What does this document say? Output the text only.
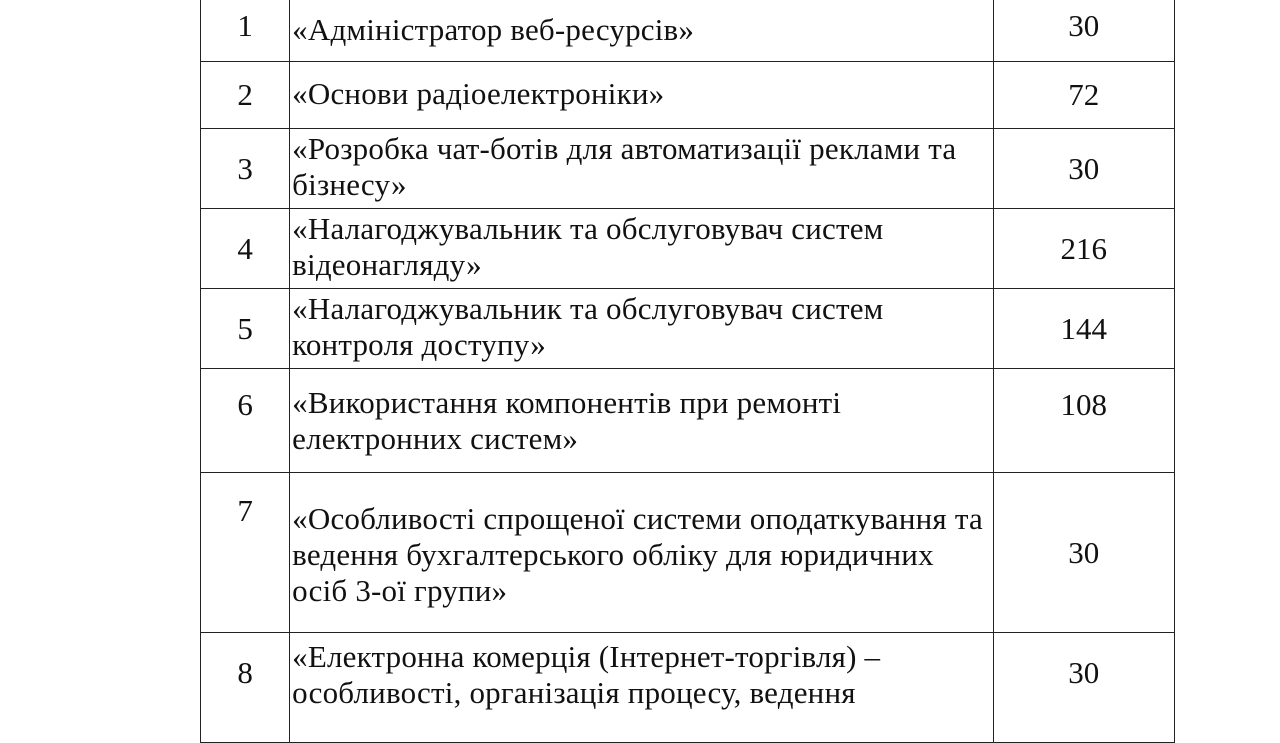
1	«Адміністратор веб-ресурсів»	30
2	«Основи радіоелектроніки»	72
3	«Розробка чат-ботів для автоматизації реклами та бізнесу»	30
4	«Налагоджувальник та обслуговувач систем відеонагляду»	216
5	«Налагоджувальник та обслуговувач систем контроля доступу»	144
6	«Використання компонентів при ремонті електронних систем»	108
7	«Особливості спрощеної системи оподаткування та ведення бухгалтерського обліку для юридичних осіб 3-ої групи»	30
8	«Електронна комерція (Інтернет-торгівля) – особливості, організація процесу, ведення	30
